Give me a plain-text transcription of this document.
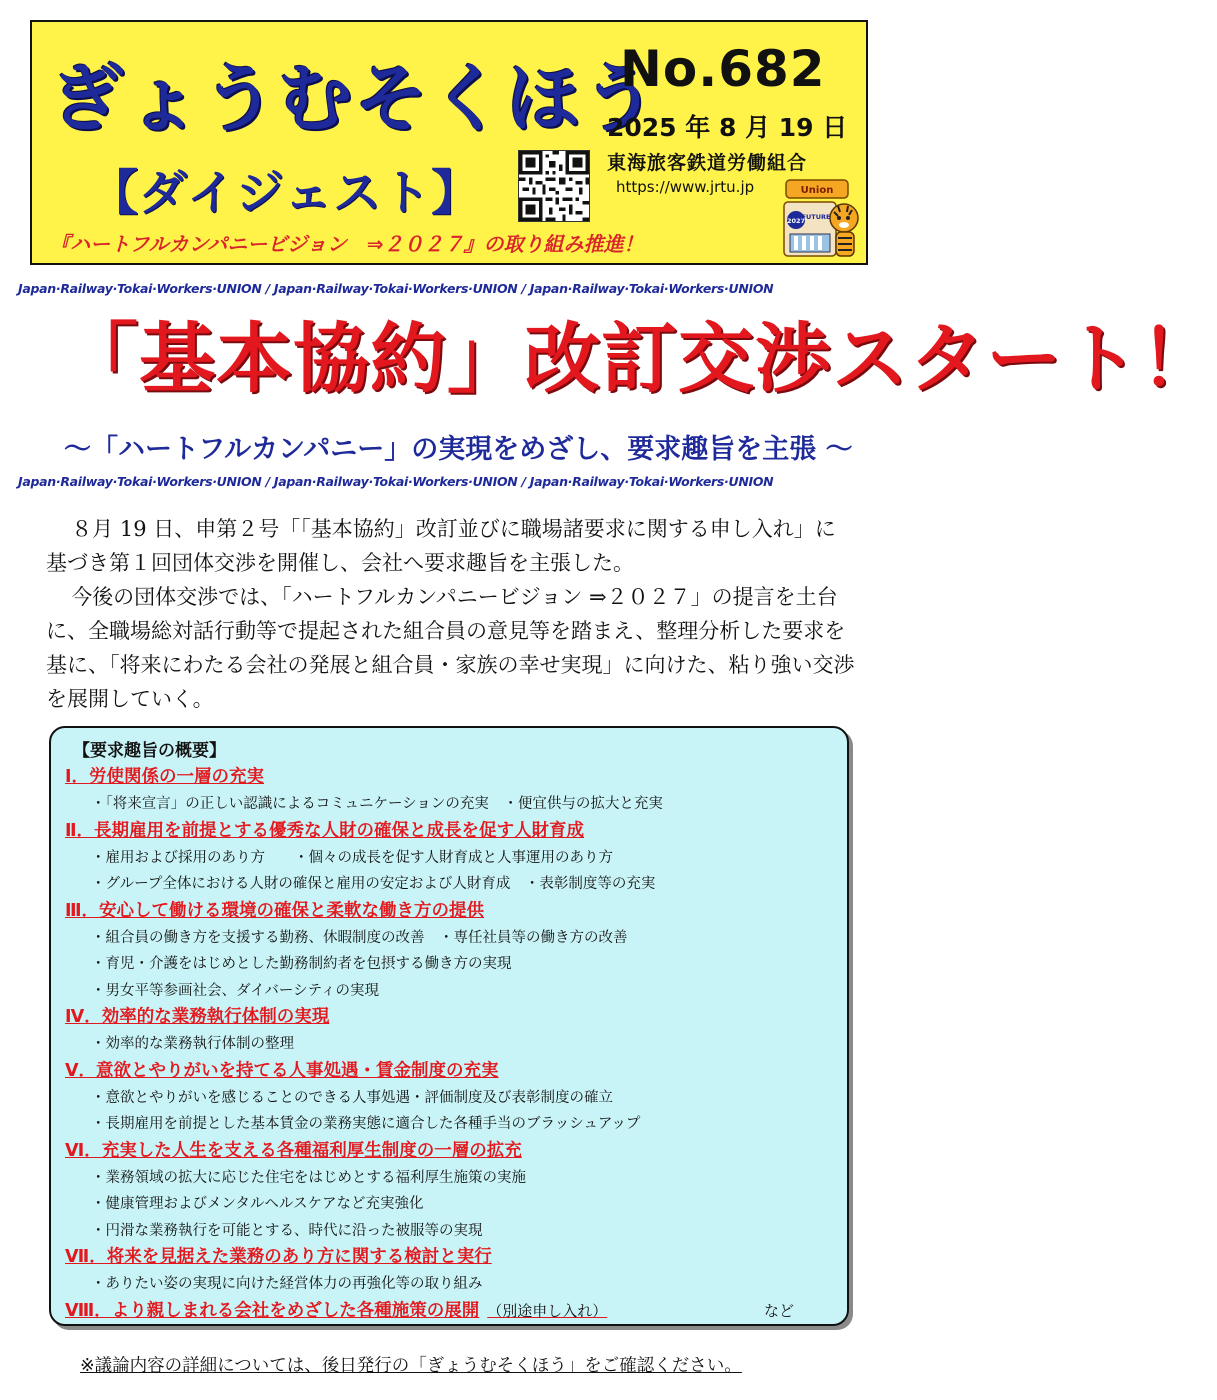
ぎょうむそくほう
【ダイジェスト】
No.682
2025 年 8 月 19 日
東海旅客鉄道労働組合
https://www.jrtu.jp	Union
2027
FUTURE
『ハートフルカンパニービジョン　⇒２０２７』の取り組み推進！
Japan·Railway·Tokai·Workers·UNION / Japan·Railway·Tokai·Workers·UNION / Japan·Railway·Tokai·Workers·UNION
「基本協約」改訂交渉スタート！
～「ハートフルカンパニー」の実現をめざし、要求趣旨を主張 ～
Japan·Railway·Tokai·Workers·UNION / Japan·Railway·Tokai·Workers·UNION / Japan·Railway·Tokai·Workers·UNION

８月 19 日、申第２号「「基本協約」改訂並びに職場諸要求に関する申し入れ」に基づき第１回団体交渉を開催し、会社へ要求趣旨を主張した。

今後の団体交渉では、「ハートフルカンパニービジョン ⇒２０２７」の提言を土台に、全職場総対話行動等で提起された組合員の意見等を踏まえ、整理分析した要求を基に、「将来にわたる会社の発展と組合員・家族の幸せ実現」に向けた、粘り強い交渉を展開していく。

【要求趣旨の概要】
Ⅰ．労使関係の一層の充実
・「将来宣言」の正しい認識によるコミュニケーションの充実　・便宜供与の拡大と充実
Ⅱ．長期雇用を前提とする優秀な人財の確保と成長を促す人財育成
・雇用および採用のあり方　　・個々の成長を促す人財育成と人事運用のあり方
・グループ全体における人財の確保と雇用の安定および人財育成　・表彰制度等の充実
Ⅲ．安心して働ける環境の確保と柔軟な働き方の提供
・組合員の働き方を支援する勤務、休暇制度の改善　・専任社員等の働き方の改善
・育児・介護をはじめとした勤務制約者を包摂する働き方の実現
・男女平等参画社会、ダイバーシティの実現
Ⅳ．効率的な業務執行体制の実現
・効率的な業務執行体制の整理
Ⅴ．意欲とやりがいを持てる人事処遇・賃金制度の充実
・意欲とやりがいを感じることのできる人事処遇・評価制度及び表彰制度の確立
・長期雇用を前提とした基本賃金の業務実態に適合した各種手当のブラッシュアップ
Ⅵ．充実した人生を支える各種福利厚生制度の一層の拡充
・業務領域の拡大に応じた住宅をはじめとする福利厚生施策の実施
・健康管理およびメンタルヘルスケアなど充実強化
・円滑な業務執行を可能とする、時代に沿った被服等の実現
Ⅶ．将来を見据えた業務のあり方に関する検討と実行
・ありたい姿の実現に向けた経営体力の再強化等の取り組み
Ⅷ．より親しまれる会社をめざした各種施策の展開 （別途申し入れ）	など
※議論内容の詳細については、後日発行の「ぎょうむそくほう」をご確認ください。
